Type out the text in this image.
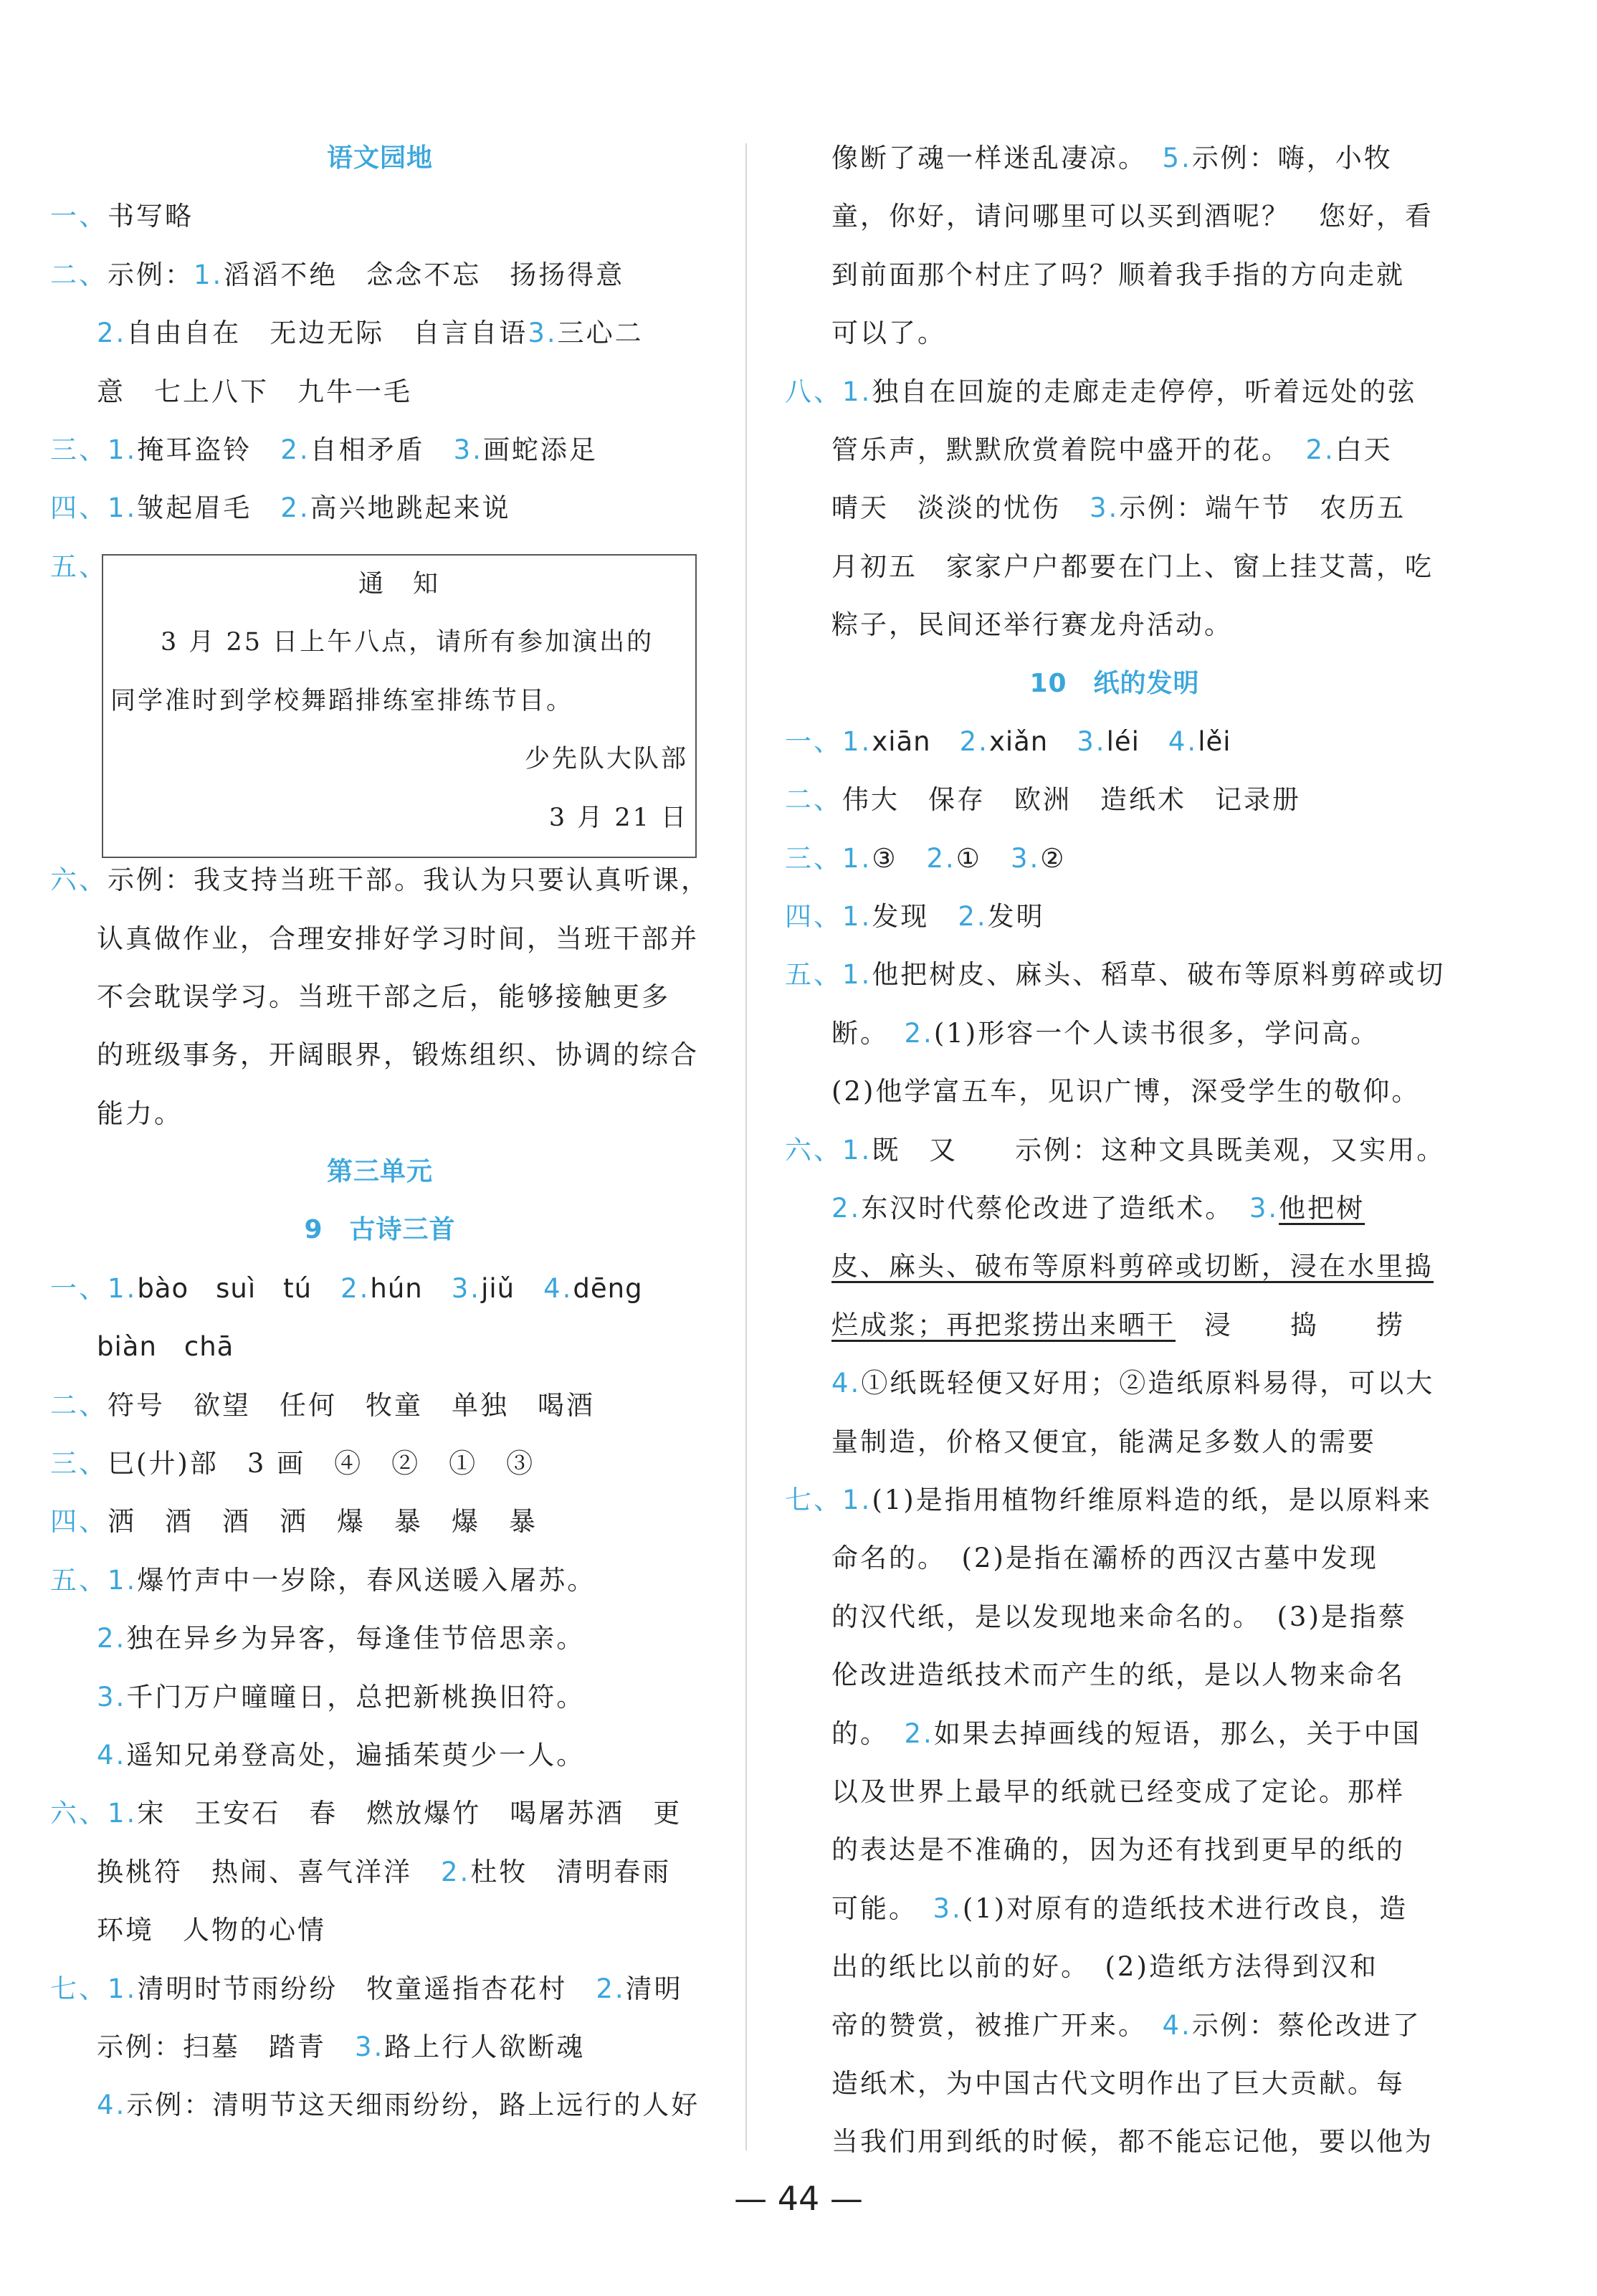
语文园地
一、书写略
二、示例：1.滔滔不绝　念念不忘　扬扬得意
2.自由自在　无边无际　自言自语3.三心二
意　七上八下　九牛一毛
三、1.掩耳盗铃　 2.自相矛盾　 3.画蛇添足
四、1.皱起眉毛　 2.高兴地跳起来说
五、
通　知
3 月 25 日上午八点，请所有参加演出的
同学准时到学校舞蹈排练室排练节目。
少先队大队部
3 月 21 日
六、示例：我支持当班干部。我认为只要认真听课，
认真做作业，合理安排好学习时间，当班干部并
不会耽误学习。当班干部之后，能够接触更多
的班级事务，开阔眼界，锻炼组织、协调的综合
能力。
第三单元
9　古诗三首
一、1.bào　suì　tú　 2.hún　 3.jiǔ　 4.dēng
biàn　chā
二、符号　欲望　任何　牧童　单独　喝酒
三、巳(廾)部　3 画　④　②　①　③
四、洒　酒　酒　洒　爆　暴　爆　暴
五、1.爆竹声中一岁除，春风送暖入屠苏。
2.独在异乡为异客，每逢佳节倍思亲。
3.千门万户曈曈日，总把新桃换旧符。
4.遥知兄弟登高处，遍插茱萸少一人。
六、1.宋　王安石　春　燃放爆竹　喝屠苏酒　更
换桃符　热闹、喜气洋洋　 2.杜牧　清明春雨
环境　人物的心情
七、1.清明时节雨纷纷　牧童遥指杏花村　 2.清明
示例：扫墓　踏青　 3.路上行人欲断魂
4.示例：清明节这天细雨纷纷，路上远行的人好
像断了魂一样迷乱凄凉。　 5.示例：嗨，小牧
童，你好，请问哪里可以买到酒呢？　您好，看
到前面那个村庄了吗？顺着我手指的方向走就
可以了。
八、1.独自在回旋的走廊走走停停，听着远处的弦
管乐声，默默欣赏着院中盛开的花。　 2.白天
晴天　淡淡的忧伤　 3.示例：端午节　农历五
月初五　家家户户都要在门上、窗上挂艾蒿，吃
粽子，民间还举行赛龙舟活动。
10　纸的发明
一、1.xiān　 2.xiǎn　 3.léi　 4.lěi
二、伟大　保存　欧洲　造纸术　记录册
三、1.③　 2.①　 3.②
四、1.发现　 2.发明
五、1.他把树皮、麻头、稻草、破布等原料剪碎或切
断。　 2.(1)形容一个人读书很多，学问高。
(2)他学富五车，见识广博，深受学生的敬仰。
六、1.既　又　　示例：这种文具既美观，又实用。
2.东汉时代蔡伦改进了造纸术。　 3.他把树
皮、麻头、破布等原料剪碎或切断，浸在水里捣
烂成浆；再把浆捞出来晒干　浸　　捣　　捞
4.①纸既轻便又好用；②造纸原料易得，可以大
量制造，价格又便宜，能满足多数人的需要
七、1.(1)是指用植物纤维原料造的纸，是以原料来
命名的。　(2)是指在灞桥的西汉古墓中发现
的汉代纸，是以发现地来命名的。　(3)是指蔡
伦改进造纸技术而产生的纸，是以人物来命名
的。　 2.如果去掉画线的短语，那么，关于中国
以及世界上最早的纸就已经变成了定论。那样
的表达是不准确的，因为还有找到更早的纸的
可能。　 3.(1)对原有的造纸技术进行改良，造
出的纸比以前的好。　(2)造纸方法得到汉和
帝的赞赏，被推广开来。　 4.示例：蔡伦改进了
造纸术，为中国古代文明作出了巨大贡献。每
当我们用到纸的时候，都不能忘记他，要以他为
— 44 —
